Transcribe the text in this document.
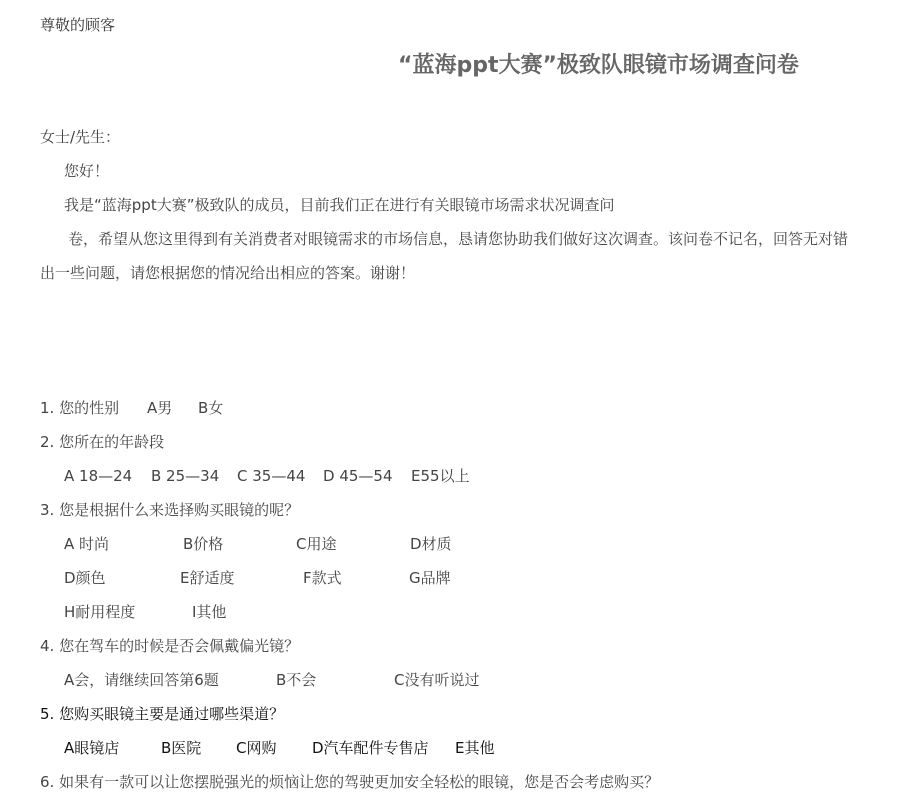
尊敬的顾客
“蓝海ppt大赛”极致队眼镜市场调查问卷
女士/先生：
您好！
我是“蓝海ppt大赛”极致队的成员，目前我们正在进行有关眼镜市场需求状况调查问
卷，希望从您这里得到有关消费者对眼镜需求的市场信息，恳请您协助我们做好这次调查。该问卷不记名，回答无对错
出一些问题，请您根据您的情况给出相应的答案。谢谢！
1. 您的性别 A男 B女
2. 您所在的年龄段
A 18—24 B 25—34 C 35—44 D 45—54 E55以上
3. 您是根据什么来选择购买眼镜的呢？
A 时尚	B价格	C用途	D材质
D颜色	E舒适度	F款式	G品牌
H耐用程度	I其他
4. 您在驾车的时候是否会佩戴偏光镜？
A会，请继续回答第6题	B不会	C没有听说过
5. 您购买眼镜主要是通过哪些渠道？
A眼镜店	B医院 C网购 D汽车配件专售店 E其他
6. 如果有一款可以让您摆脱强光的烦恼让您的驾驶更加安全轻松的眼镜，您是否会考虑购买？
